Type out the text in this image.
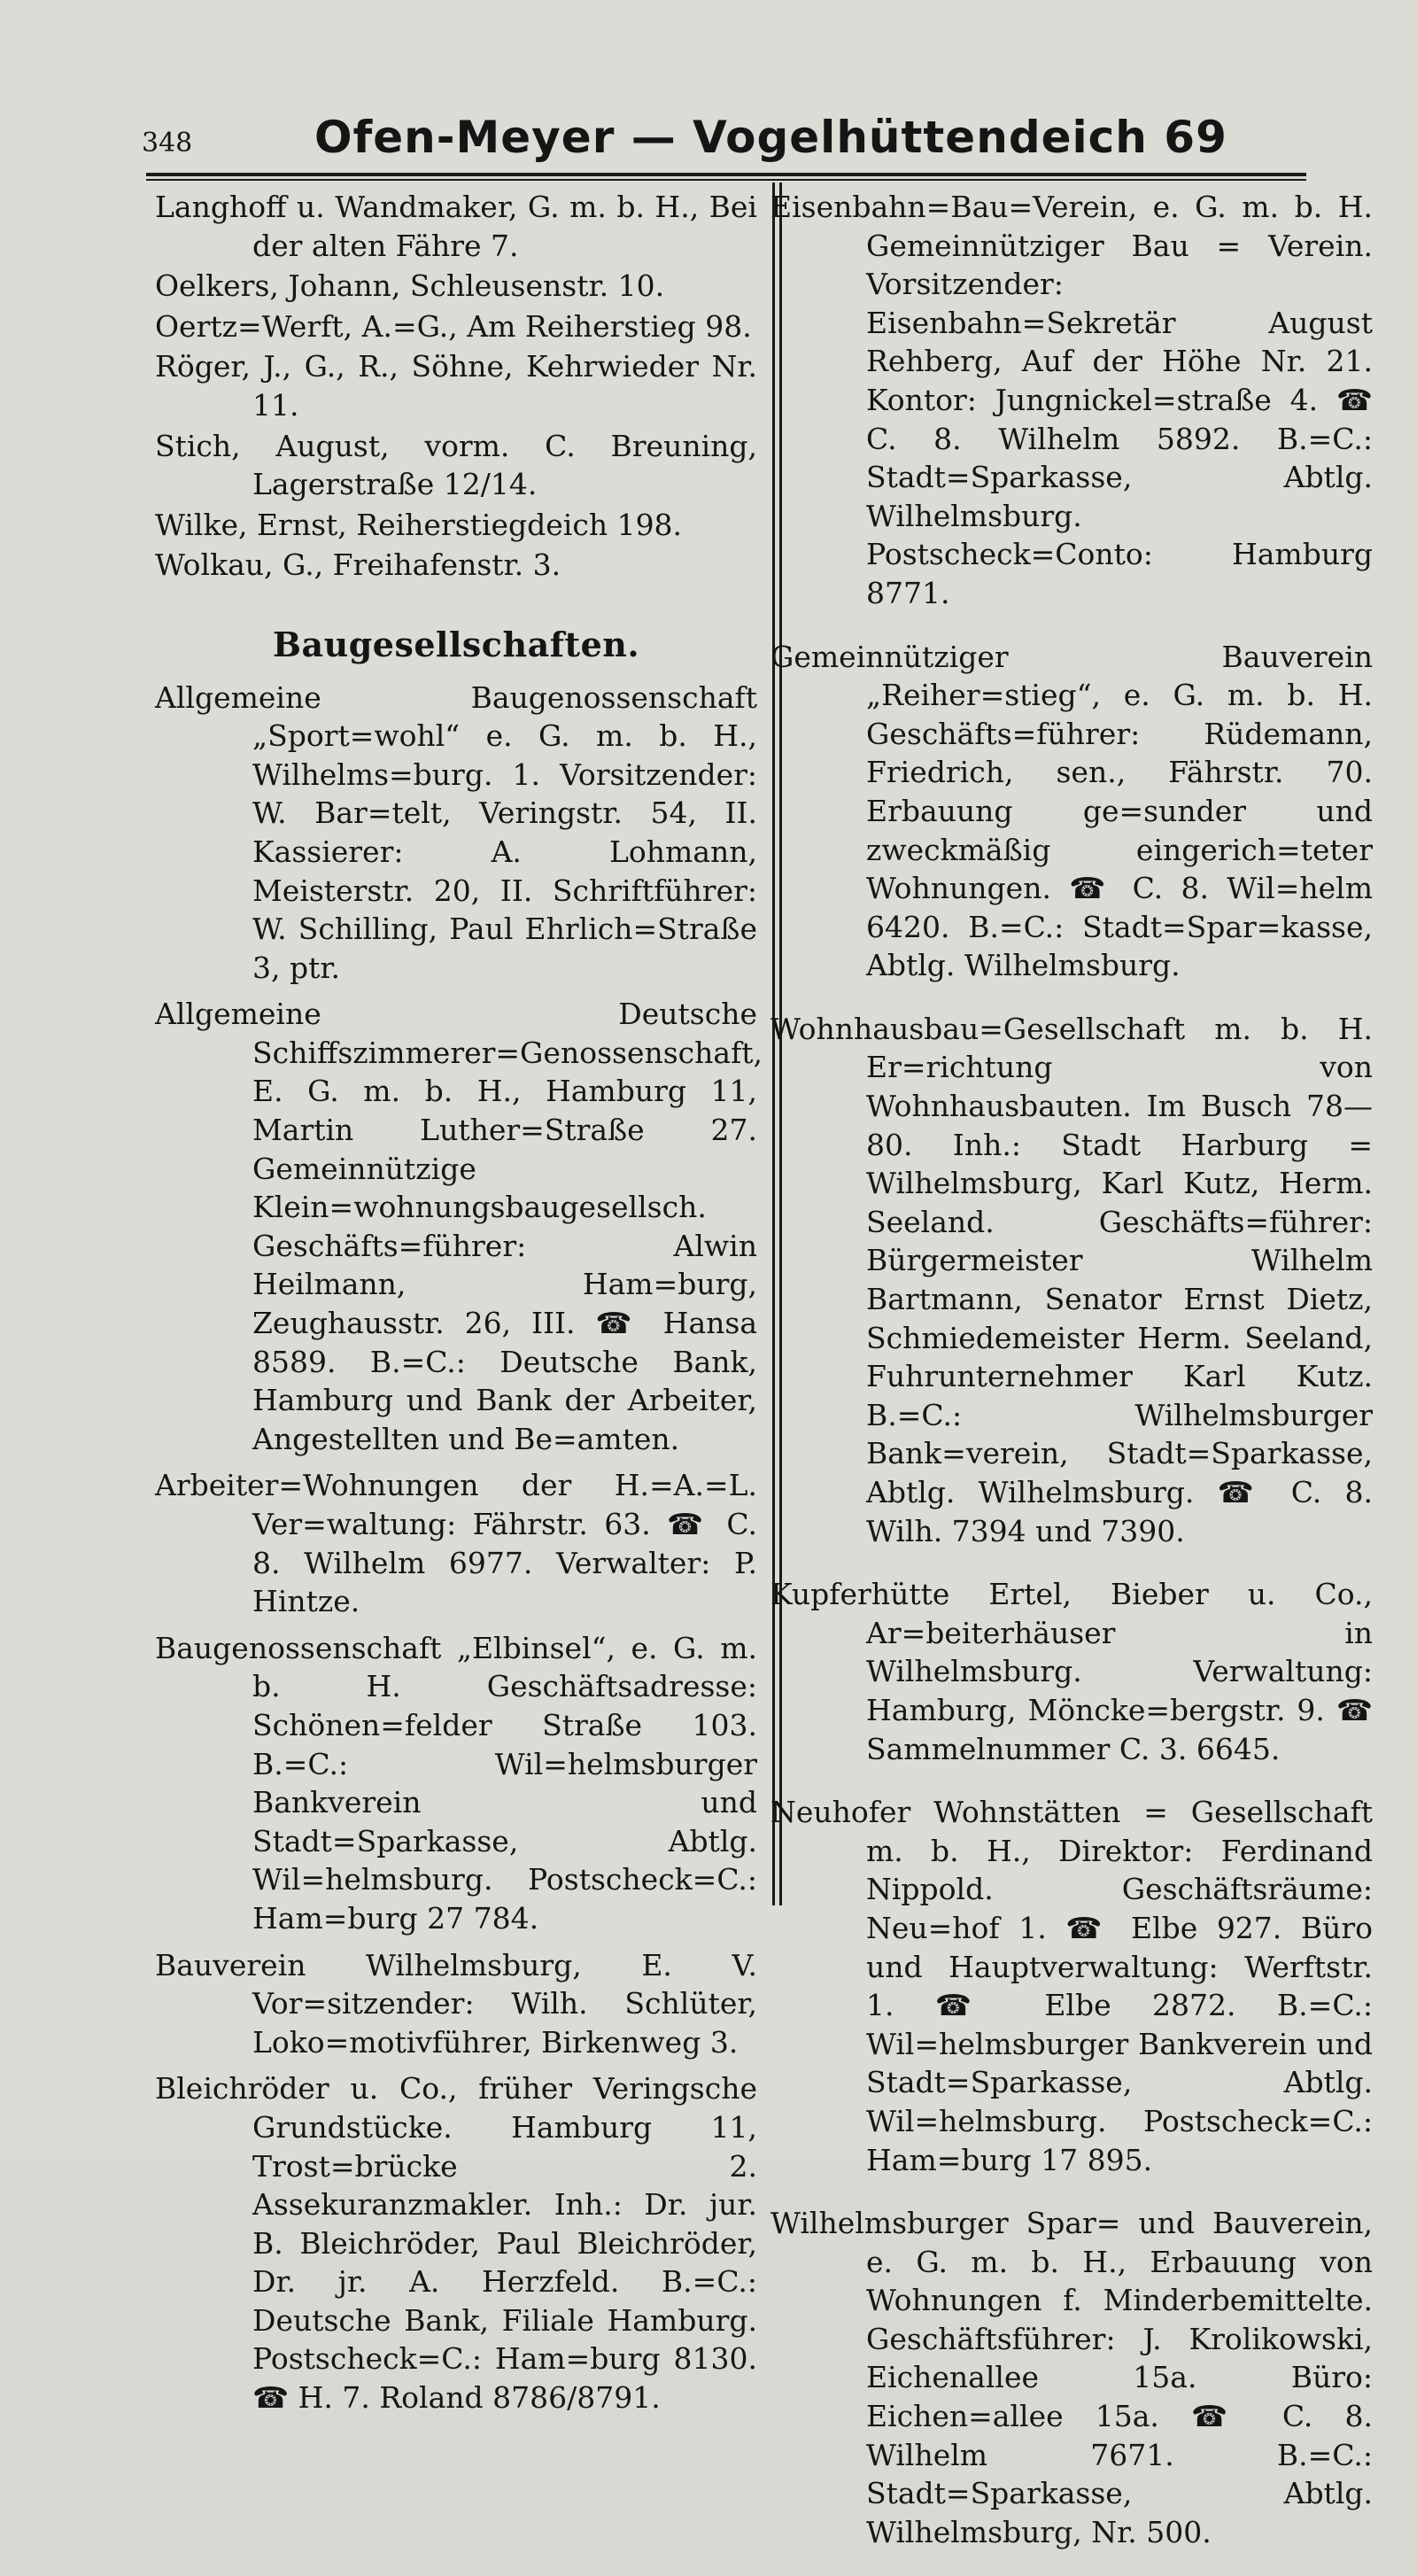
348	Ofen-Meyer — Vogelhüttendeich 69

Langhoff u. Wandmaker, G. m. b. H., Bei der alten Fähre 7.

Oelkers, Johann, Schleusenstr. 10.

Oertz=Werft, A.=G., Am Reiherstieg 98.

Röger, J., G., R., Söhne, Kehrwieder Nr. 11.

Stich, August, vorm. C. Breuning, Lagerstraße 12/14.

Wilke, Ernst, Reiherstiegdeich 198.

Wolkau, G., Freihafenstr. 3.

Baugesellschaften.

Allgemeine Baugenossenschaft „Sport=wohl“ e. G. m. b. H., Wilhelms=burg. 1. Vorsitzender: W. Bar=telt, Veringstr. 54, II. Kassierer: A. Lohmann, Meisterstr. 20, II. Schriftführer: W. Schilling, Paul Ehrlich=Straße 3, ptr.

Allgemeine Deutsche Schiffszimmerer=Genossenschaft, E. G. m. b. H., Hamburg 11, Martin Luther=Straße 27. Gemeinnützige Klein=wohnungsbaugesellsch. Geschäfts=führer: Alwin Heilmann, Ham=burg, Zeughausstr. 26, III. ☎ Hansa 8589. B.=C.: Deutsche Bank, Hamburg und Bank der Arbeiter, Angestellten und Be=amten.

Arbeiter=Wohnungen der H.=A.=L. Ver=waltung: Fährstr. 63. ☎ C. 8. Wilhelm 6977. Verwalter: P. Hintze.

Baugenossenschaft „Elbinsel“, e. G. m. b. H. Geschäftsadresse: Schönen=felder Straße 103. B.=C.: Wil=helmsburger Bankverein und Stadt=Sparkasse, Abtlg. Wil=helmsburg. Postscheck=C.: Ham=burg 27 784.

Bauverein Wilhelmsburg, E. V. Vor=sitzender: Wilh. Schlüter, Loko=motivführer, Birkenweg 3.

Bleichröder u. Co., früher Veringsche Grundstücke. Hamburg 11, Trost=brücke 2. Assekuranzmakler. Inh.: Dr. jur. B. Bleichröder, Paul Bleichröder, Dr. jr. A. Herzfeld. B.=C.: Deutsche Bank, Filiale Hamburg. Postscheck=C.: Ham=burg 8130. ☎ H. 7. Roland 8786/8791.

Eisenbahn=Bau=Verein, e. G. m. b. H. Gemeinnütziger Bau = Verein. Vorsitzender: Eisenbahn=Sekretär August Rehberg, Auf der Höhe Nr. 21. Kontor: Jungnickel=straße 4. ☎ C. 8. Wilhelm 5892. B.=C.: Stadt=Sparkasse, Abtlg. Wilhelmsburg. Postscheck=Conto: Hamburg 8771.

Gemeinnütziger Bauverein „Reiher=stieg“, e. G. m. b. H. Geschäfts=führer: Rüdemann, Friedrich, sen., Fährstr. 70. Erbauung ge=sunder und zweckmäßig eingerich=teter Wohnungen. ☎ C. 8. Wil=helm 6420. B.=C.: Stadt=Spar=kasse, Abtlg. Wilhelmsburg.

Wohnhausbau=Gesellschaft m. b. H. Er=richtung von Wohnhausbauten. Im Busch 78—80. Inh.: Stadt Harburg = Wilhelmsburg, Karl Kutz, Herm. Seeland. Geschäfts=führer: Bürgermeister Wilhelm Bartmann, Senator Ernst Dietz, Schmiedemeister Herm. Seeland, Fuhrunternehmer Karl Kutz. B.=C.: Wilhelmsburger Bank=verein, Stadt=Sparkasse, Abtlg. Wilhelmsburg. ☎ C. 8. Wilh. 7394 und 7390.

Kupferhütte Ertel, Bieber u. Co., Ar=beiterhäuser in Wilhelmsburg. Verwaltung: Hamburg, Möncke=bergstr. 9. ☎ Sammelnummer C. 3. 6645.

Neuhofer Wohnstätten = Gesellschaft m. b. H., Direktor: Ferdinand Nippold. Geschäftsräume: Neu=hof 1. ☎ Elbe 927. Büro und Hauptverwaltung: Werftstr. 1. ☎ Elbe 2872. B.=C.: Wil=helmsburger Bankverein und Stadt=Sparkasse, Abtlg. Wil=helmsburg. Postscheck=C.: Ham=burg 17 895.

Wilhelmsburger Spar= und Bauverein, e. G. m. b. H., Erbauung von Wohnungen f. Minderbemittelte. Geschäftsführer: J. Krolikowski, Eichenallee 15a. Büro: Eichen=allee 15a. ☎ C. 8. Wilhelm 7671. B.=C.: Stadt=Sparkasse, Abtlg. Wilhelmsburg, Nr. 500.
